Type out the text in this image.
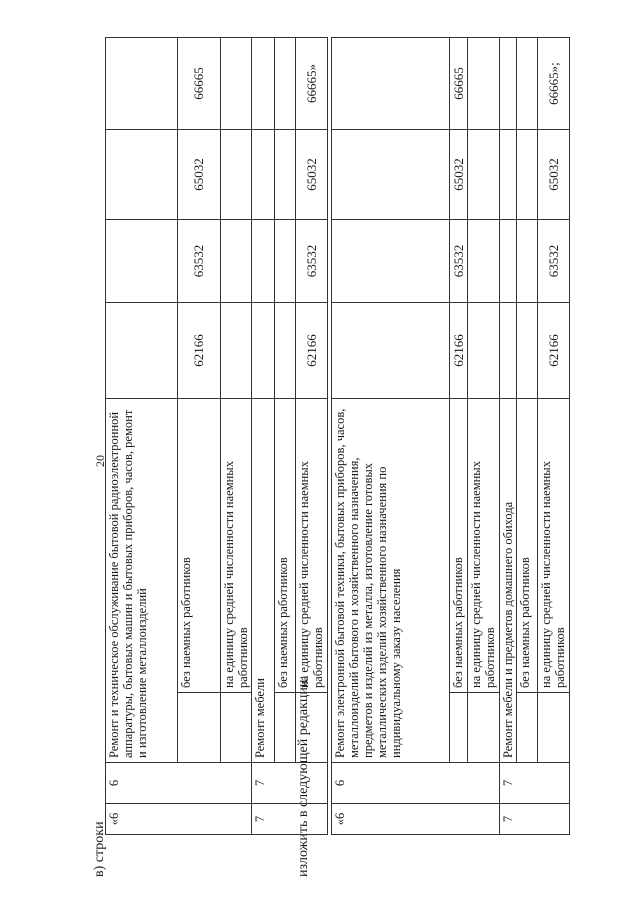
20
в) строки	изложить в следующей редакции:
«6	6	Ремонт и техническое обслуживание бытовой радиоэлектронной аппаратуры, бытовых машин и бытовых приборов, часов, ремонт и изготовление металлоизделий					
			без наемных работников	62166	63532	65032	66665
			на единицу средней численности наемных работников				
7	7	Ремонт мебели					
			без наемных работников				
			на единицу средней численности наемных работников	62166	63532	65032	66665»
«6	6	Ремонт электронной бытовой техники, бытовых приборов, часов, металлоизделий бытового и хозяйственного назначения, предметов и изделий из металла, изготовление готовых металлических изделий хозяйственного назначения по индивидуальному заказу населения					
			без наемных работников	62166	63532	65032	66665
			на единицу средней численности наемных работников				
7	7	Ремонт мебели и предметов домашнего обихода					
			без наемных работников				
			на единицу средней численности наемных работников	62166	63532	65032	66665»;
